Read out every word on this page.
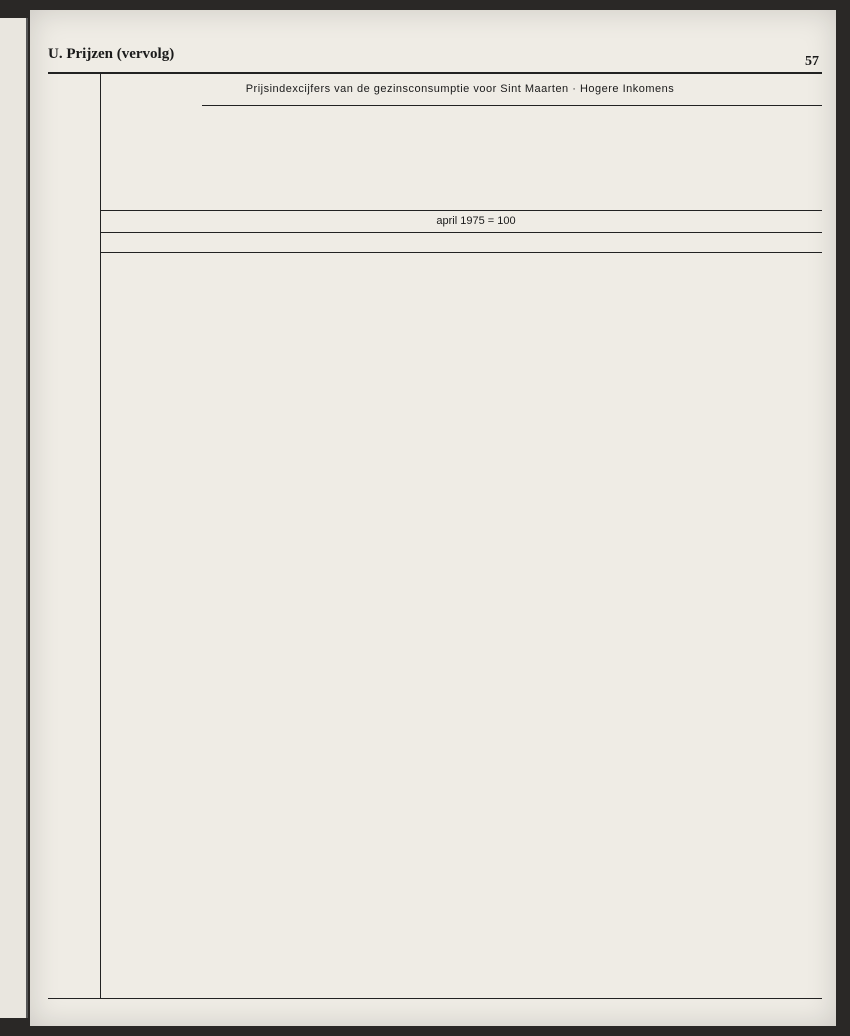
U. Prijzen (vervolg)	57
Prijsindexcijfers van de gezinsconsumptie voor Sint Maarten · Hogere Inkomens
april 1975 = 100
